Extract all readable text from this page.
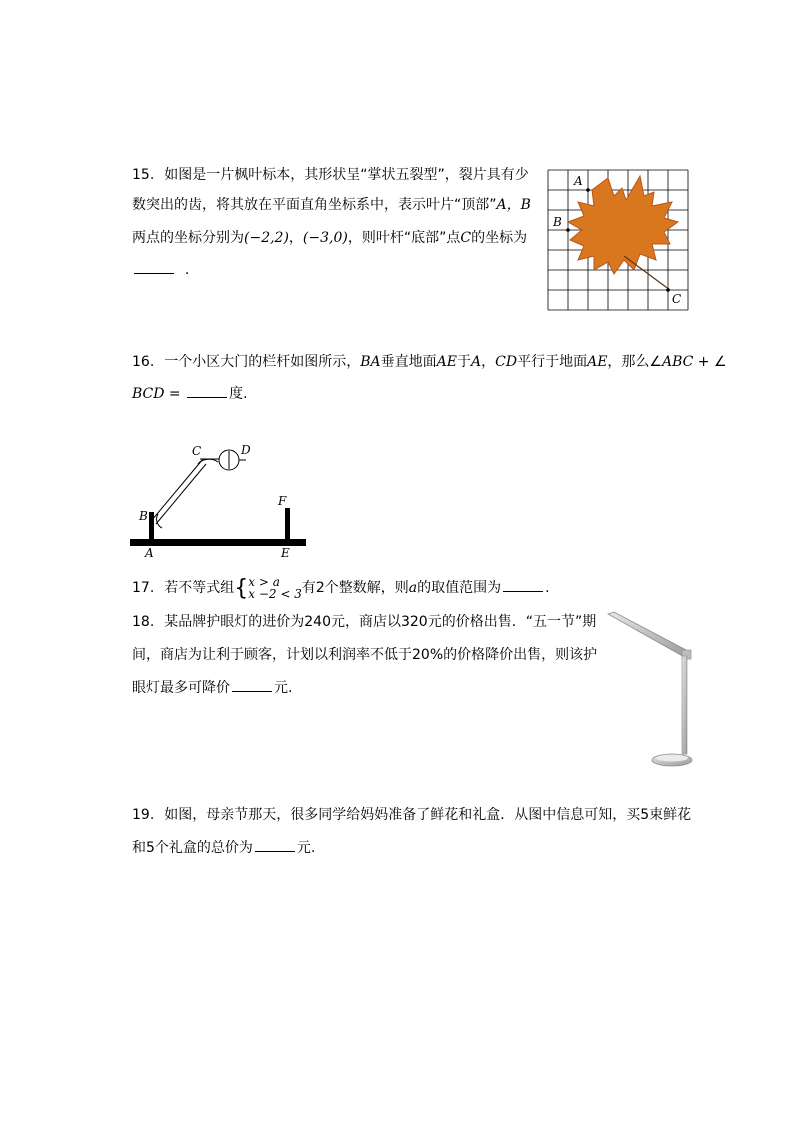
15. 如图是一片枫叶标本，其形状呈“掌状五裂型”，裂片具有少
数突出的齿，将其放在平面直角坐标系中，表示叶片“顶部”A，B
两点的坐标分别为(−2,2)，(−3,0)，则叶杆“底部”点C的坐标为
.
A
B
C
16. 一个小区大门的栏杆如图所示，BA垂直地面AE于A，CD平行于地面AE，那么∠ABC + ∠
BCD =	度.
C	D
B
F
A	E
17. 若不等式组{ x > a
x −2 < 3 有2个整数解，则a的取值范围为	.
18. 某品牌护眼灯的进价为240元，商店以320元的价格出售．“五一节”期
间，商店为让利于顾客，计划以利润率不低于20%的价格降价出售，则该护
眼灯最多可降价	元.
19. 如图，母亲节那天，很多同学给妈妈准备了鲜花和礼盒．从图中信息可知，买5束鲜花
和5个礼盒的总价为	元.
